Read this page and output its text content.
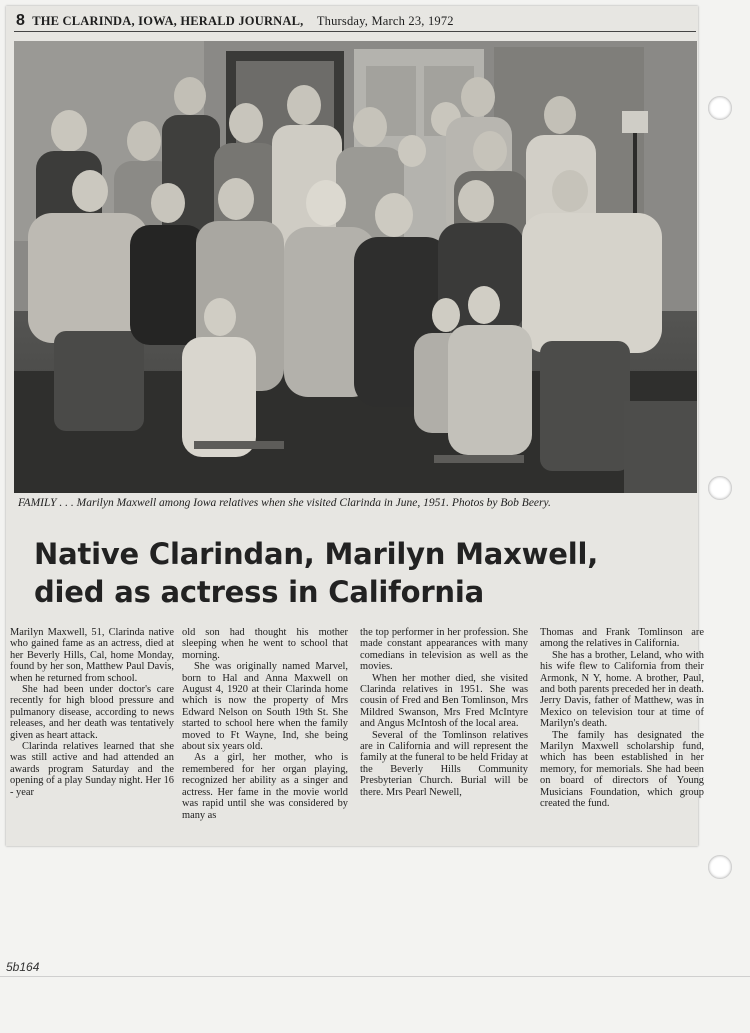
8 THE CLARINDA, IOWA, HERALD JOURNAL, Thursday, March 23, 1972
FAMILY . . . Marilyn Maxwell among Iowa relatives when she visited Clarinda in June, 1951. Photos by Bob Beery.
Native Clarindan, Marilyn Maxwell,
died as actress in California

Marilyn Maxwell, 51, Clarinda native who gained fame as an actress, died at her Beverly Hills, Cal, home Monday, found by her son, Matthew Paul Davis, when he returned from school.

She had been under doctor's care recently for high blood pressure and pulmanory disease, according to news releases, and her death was tentatively given as heart attack.

Clarinda relatives learned that she was still active and had attended an awards program Saturday and the opening of a play Sunday night. Her 16 - year

old son had thought his mother sleeping when he went to school that morning.

She was originally named Marvel, born to Hal and Anna Maxwell on August 4, 1920 at their Clarinda home which is now the property of Mrs Edward Nelson on South 19th St. She started to school here when the family moved to Ft Wayne, Ind, she being about six years old.

As a girl, her mother, who is remembered for her organ playing, recognized her ability as a singer and actress. Her fame in the movie world was rapid until she was considered by many as

the top performer in her profession. She made constant appearances with many comedians in television as well as the movies.

When her mother died, she visited Clarinda relatives in 1951. She was cousin of Fred and Ben Tomlinson, Mrs Mildred Swanson, Mrs Fred McIntyre and Angus McIntosh of the local area.

Several of the Tomlinson relatives are in California and will represent the family at the funeral to be held Friday at the Beverly Hills Community Presbyterian Church. Burial will be there. Mrs Pearl Newell,

Thomas and Frank Tomlinson are among the relatives in California.

She has a brother, Leland, who with his wife flew to California from their Armonk, N Y, home. A brother, Paul, and both parents preceded her in death. Jerry Davis, father of Matthew, was in Mexico on television tour at time of Marilyn's death.

The family has designated the Marilyn Maxwell scholarship fund, which has been established in her memory, for memorials. She had been on board of directors of Young Musicians Foundation, which group created the fund.

5b164
